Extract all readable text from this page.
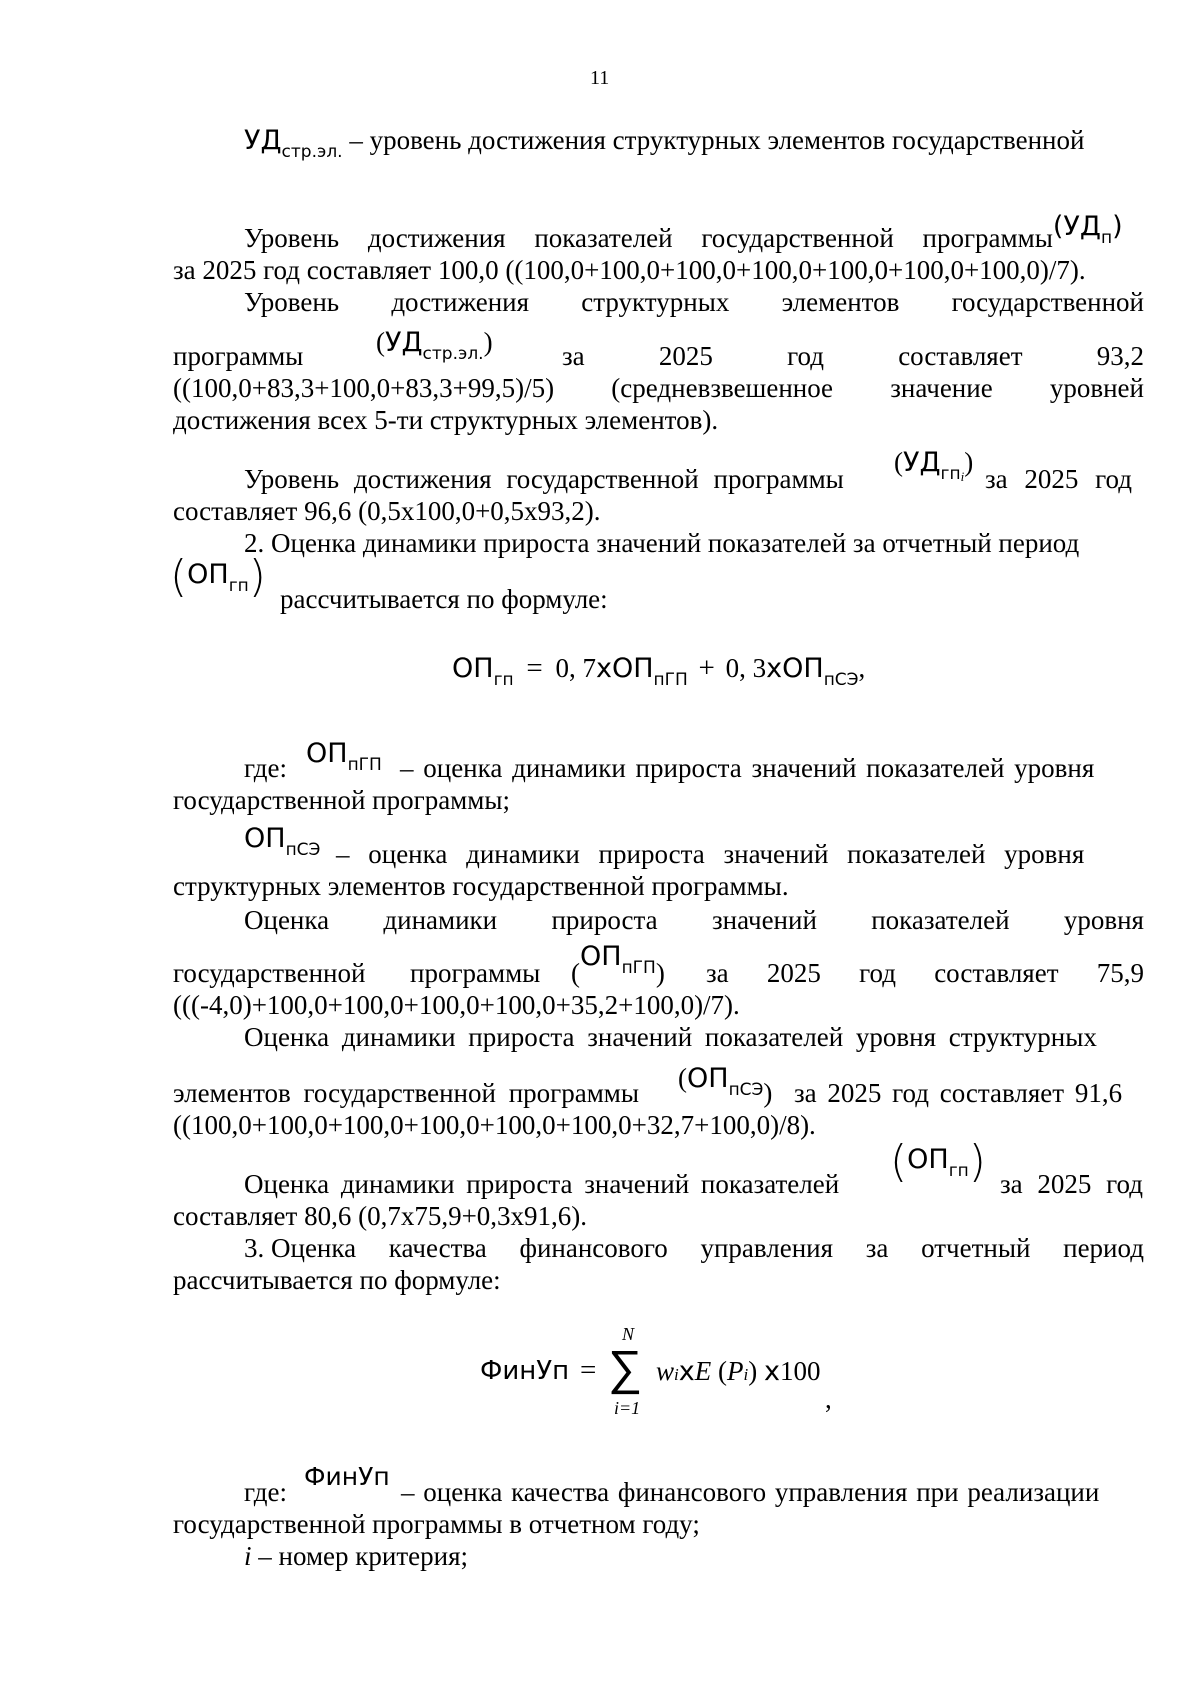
11
$УД_{стр.эл.}$ – уровень достижения структурных элементов государственной
Уровень достижения показателей государственной $программы(УД_п)$
за 2025 год составляет 100,0 ((100,0+100,0+100,0+100,0+100,0+100,0+100,0)/7).
Уровень достижения структурных элементов государственной
программы	$(УД_{стр.эл.})$	за	2025	год	составляет	93,2
((100,0+83,3+100,0+83,3+99,5)/5) (средневзвешенное значение уровней
достижения всех 5-ти структурных элементов).
Уровень достижения государственной программы
$(УД_{гпi})$
за 2025 год
составляет 96,6 (0,5х100,0+0,5х93,2).
2. Оценка динамики прироста значений показателей за отчетный период
$(ОП_{гп})$ рассчитывается по формуле:
$ОП_{гп} = 0$, 7хОП$_{пГП}$ + 0, 3хОП$_{пСЭ}$,
где: $ОП_{пГП}$ – оценка динамики прироста значений показателей уровня
государственной программы;
$ОП_{пСЭ}$ – оценка динамики прироста значений показателей уровня
структурных элементов государственной программы.
Оценка динамики прироста значений показателей уровня
государственной программы $(ОП_{пГП})$ за 2025 год составляет 75,9
(((-4,0)+100,0+100,0+100,0+100,0+35,2+100,0)/7).
Оценка динамики прироста значений показателей уровня структурных
элементов государственной программы $(ОП_{пСЭ})$ за 2025 год составляет 91,6
((100,0+100,0+100,0+100,0+100,0+100,0+32,7+100,0)/8).
Оценка динамики прироста значений показателей $(ОП_{гп})$ за 2025 год
составляет 80,6 (0,7х75,9+0,3х91,6).
3. Оценка качества финансового управления за отчетный период
рассчитывается по формуле:
ФинУп =
N
∑
i=1
wiхE (Pi) х100
,
где:
ФинУп
– оценка качества финансового управления при реализации
государственной программы в отчетном году;
i – номер критерия;
